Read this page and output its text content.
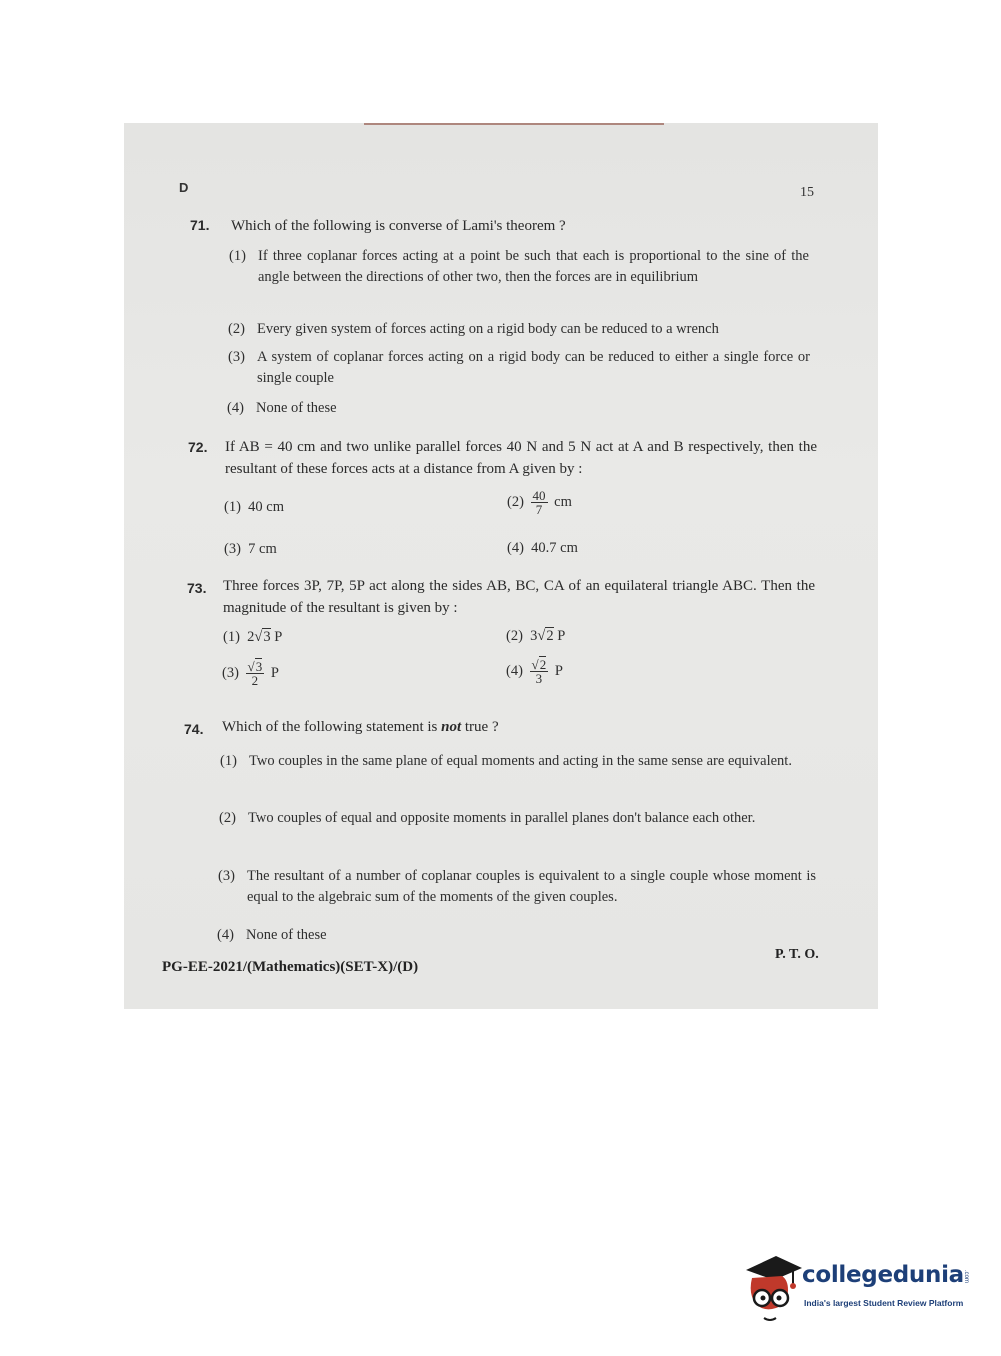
D	15
71. Which of the following is converse of Lami's theorem ?
(1) If three coplanar forces acting at a point be such that each is proportional to the sine of the angle between the directions of other two, then the forces are in equilibrium
(2) Every given system of forces acting on a rigid body can be reduced to a wrench
(3) A system of coplanar forces acting on a rigid body can be reduced to either a single force or single couple
(4) None of these
72. If AB = 40 cm and two unlike parallel forces 40 N and 5 N act at A and B respectively, then the resultant of these forces acts at a distance from A given by :
(1) 40 cm	$(2) \frac{40}{7}$ cm
(3) 7 cm	(4) 40.7 cm
73. Three forces 3P, 7P, 5P act along the sides AB, BC, CA of an equilateral triangle ABC. Then the magnitude of the resultant is given by :
(1) 2√3 P	(2) 3√2 P
$(3) \frac{√3}{2}$ P	$(4) \frac{√2}{3}$ P
74. Which of the following statement is not true ?
(1) Two couples in the same plane of equal moments and acting in the same sense are equivalent.
(2) Two couples of equal and opposite moments in parallel planes don't balance each other.
(3) The resultant of a number of coplanar couples is equivalent to a single couple whose moment is equal to the algebraic sum of the moments of the given couples.
(4) None of these
PG-EE-2021/(Mathematics)(SET-X)/(D)
P. T. O.
collegedunia .com
India's largest Student Review Platform
